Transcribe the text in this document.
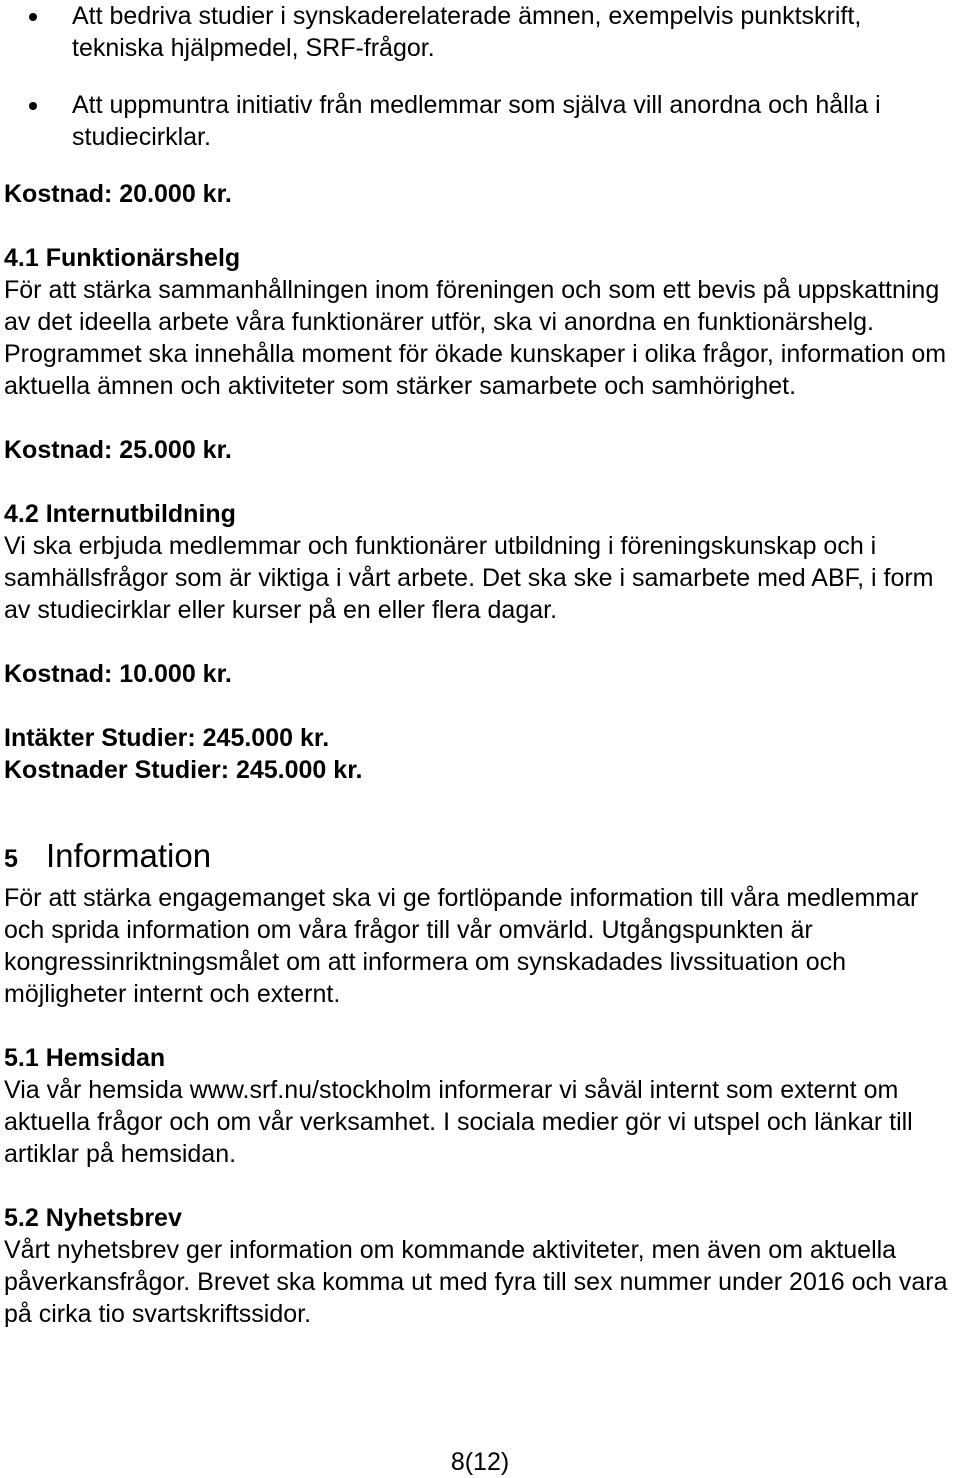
Att bedriva studier i synskaderelaterade ämnen, exempelvis punktskrift, tekniska hjälpmedel, SRF-frågor.
Att uppmuntra initiativ från medlemmar som själva vill anordna och hålla i studiecirklar.

Kostnad: 20.000 kr.

4.1 Funktionärshelg

För att stärka sammanhållningen inom föreningen och som ett bevis på uppskattning av det ideella arbete våra funktionärer utför, ska vi anordna en funktionärshelg. Programmet ska innehålla moment för ökade kunskaper i olika frågor, information om aktuella ämnen och aktiviteter som stärker samarbete och samhörighet.

Kostnad: 25.000 kr.

4.2 Internutbildning

Vi ska erbjuda medlemmar och funktionärer utbildning i föreningskunskap och i samhällsfrågor som är viktiga i vårt arbete. Det ska ske i samarbete med ABF, i form av studiecirklar eller kurser på en eller flera dagar.

Kostnad: 10.000 kr.

Intäkter Studier: 245.000 kr.

Kostnader Studier: 245.000 kr.

5 Information

För att stärka engagemanget ska vi ge fortlöpande information till våra medlemmar och sprida information om våra frågor till vår omvärld. Utgångspunkten är kongressinriktningsmålet om att informera om synskadades livssituation och möjligheter internt och externt.

5.1 Hemsidan

Via vår hemsida www.srf.nu/stockholm informerar vi såväl internt som externt om aktuella frågor och om vår verksamhet. I sociala medier gör vi utspel och länkar till artiklar på hemsidan.

5.2 Nyhetsbrev

Vårt nyhetsbrev ger information om kommande aktiviteter, men även om aktuella påverkansfrågor. Brevet ska komma ut med fyra till sex nummer under 2016 och vara på cirka tio svartskriftssidor.

8(12)
